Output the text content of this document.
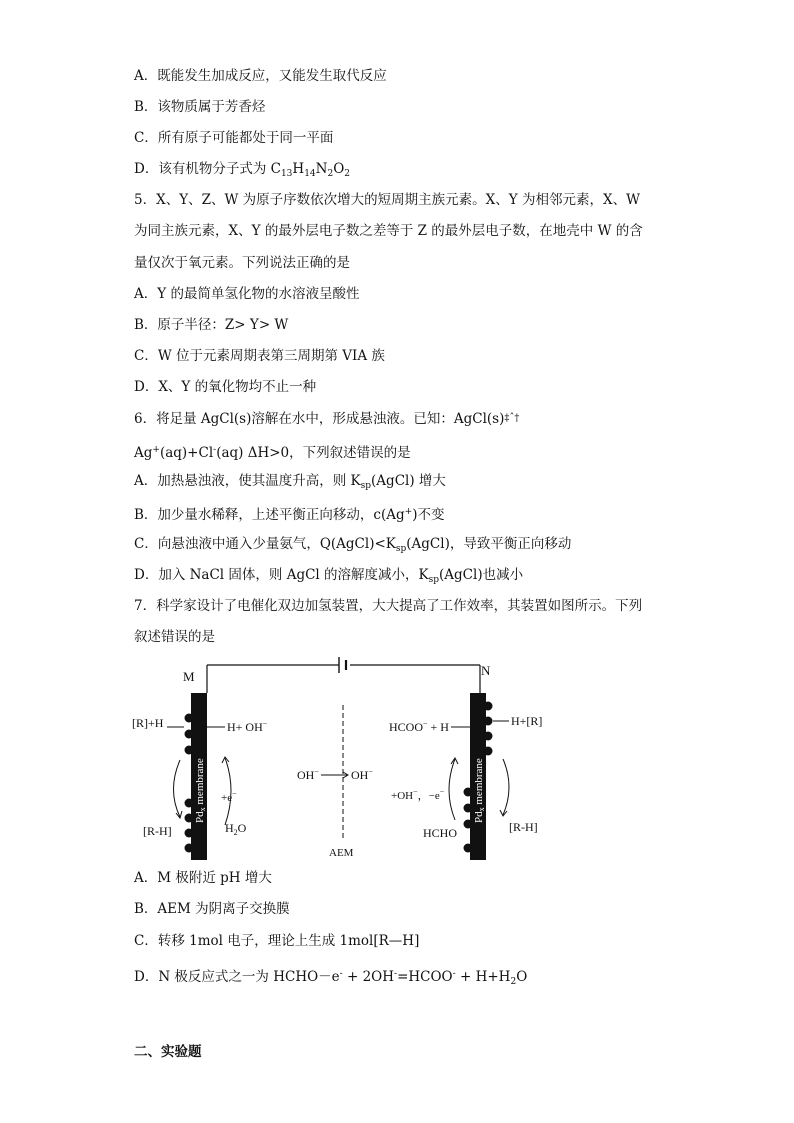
A．既能发生加成反应，又能发生取代反应
B．该物质属于芳香烃
C．所有原子可能都处于同一平面
D．该有机物分子式为 $C_{13}H_{14}N_2O_2$
5．X、Y、Z、W 为原子序数依次增大的短周期主族元素。X、Y 为相邻元素，X、W
为同主族元素，X、Y 的最外层电子数之差等于 Z 的最外层电子数，在地壳中 W 的含
量仅次于氧元素。下列说法正确的是
A．Y 的最简单氢化物的水溶液呈酸性
B．原子半径：Z> Y> W
C．W 位于元素周期表第三周期第 VIA 族
D．X、Y 的氧化物均不止一种
6．将足量 AgCl(s)溶解在水中，形成悬浊液。已知：AgCl(s)‡ˆ†
Ag+(aq)+Cl-(aq) ΔH>0，下列叙述错误的是
A．加热悬浊液，使其温度升高，则 $K_{sp}(AgCl)$ 增大
B．加少量水稀释，上述平衡正向移动，c(Ag+)不变
C．向悬浊液中通入少量氨气，$Q(AgCl)<K_{sp}(AgCl)$，导致平衡正向移动
D．加入 NaCl 固体，则 AgCl 的溶解度减小，$K_{sp}(AgCl)$也减小
7．科学家设计了电催化双边加氢装置，大大提高了工作效率，其装置如图所示。下列
叙述错误的是
M	N
Pdx membrane
[R]+H	H+ OH−
+e−
[R-H]	$H_2O$
OH−	OH−
AEM
Pdx membrane
HCOO− + H	H+[R]
+OH−，−e−
HCHO	[R-H]
A．M 极附近 pH 增大
B．AEM 为阴离子交换膜
C．转移 1mol 电子，理论上生成 1mol[R—H]
D．N 极反应式之一为 HCHO－e- + 2OH-=HCOO- + $H+H_2O$
二、实验题
